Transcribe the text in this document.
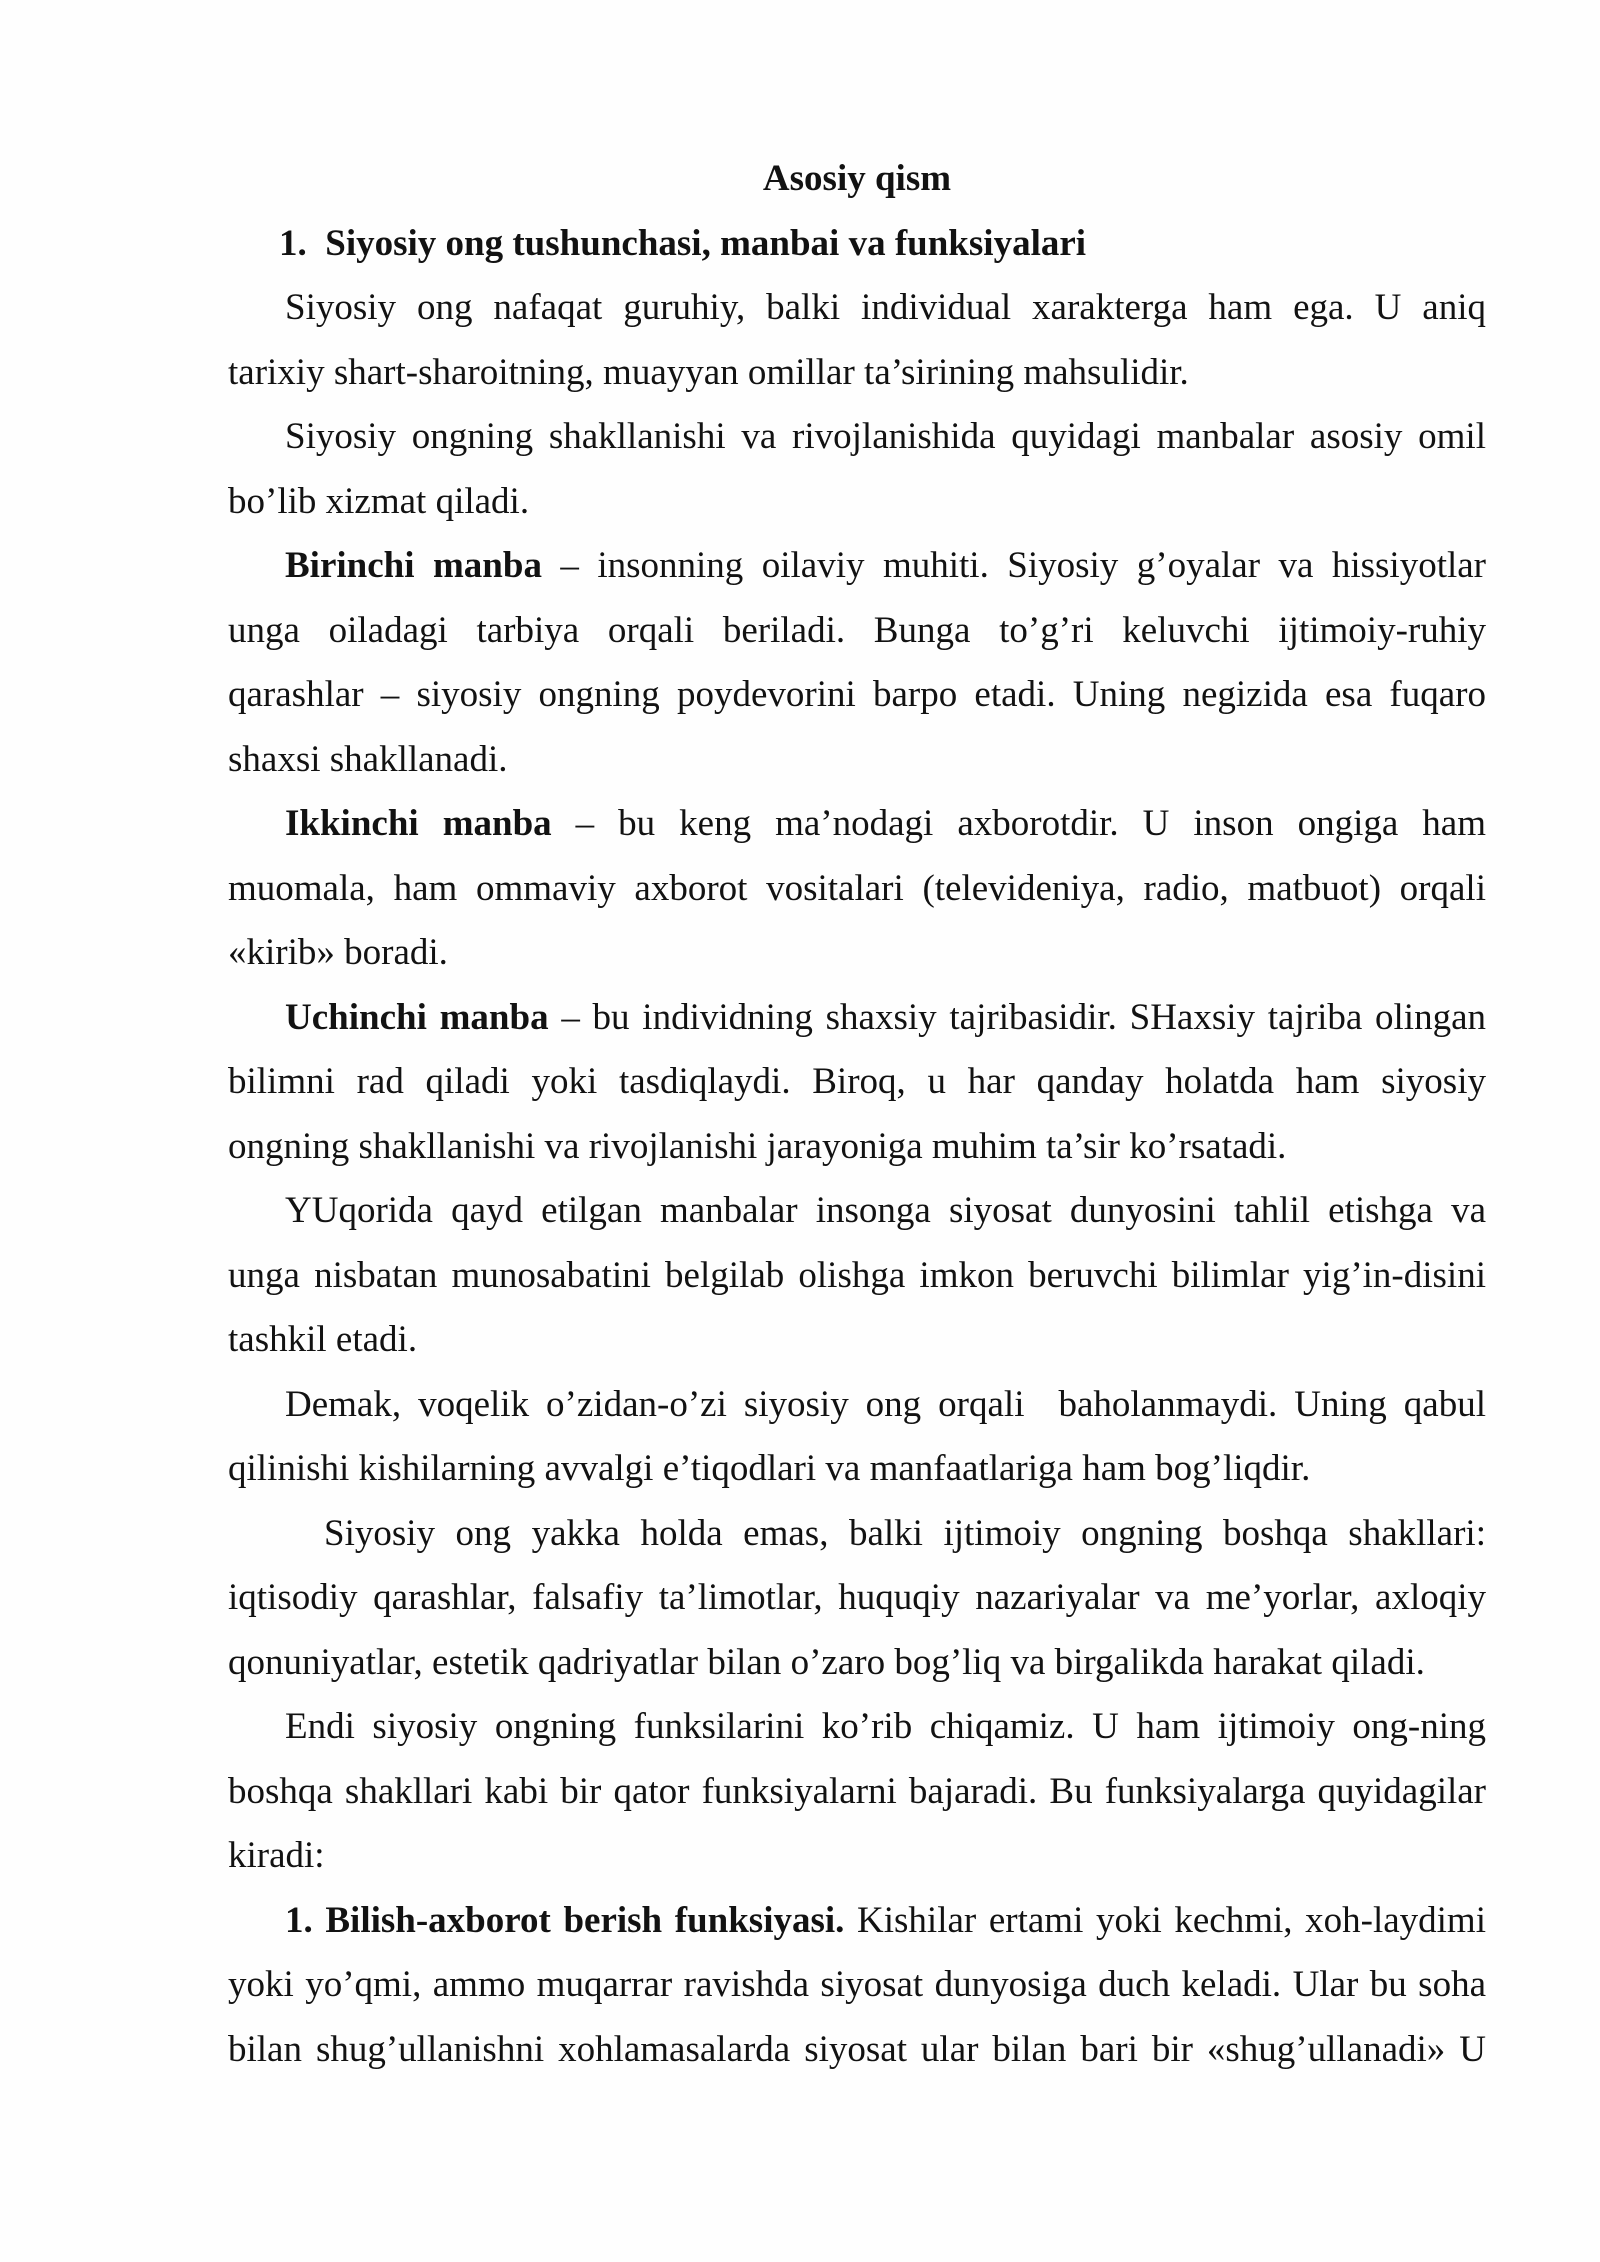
Asosiy qism
1.  Siyosiy ong tushunchasi, manbai va funksiyalari
Siyosiy ong nafaqat guruhiy, balki individual xarakterga ham ega. U aniq
tarixiy shart-sharoitning, muayyan omillar ta’sirining mahsulidir.
Siyosiy ongning shakllanishi va rivojlanishida quyidagi manbalar asosiy omil
bo’lib xizmat qiladi.
Birinchi manba – insonning oilaviy muhiti. Siyosiy g’oyalar va hissiyotlar
unga oiladagi tarbiya orqali beriladi. Bunga to’g’ri keluvchi ijtimoiy-ruhiy
qarashlar – siyosiy ongning poydevorini barpo etadi. Uning negizida esa fuqaro
shaxsi shakllanadi.
Ikkinchi manba – bu keng ma’nodagi axborotdir. U inson ongiga ham
muomala, ham ommaviy axborot vositalari (televideniya, radio, matbuot) orqali
«kirib» boradi.
Uchinchi manba – bu individning shaxsiy tajribasidir. SHaxsiy tajriba olingan
bilimni rad qiladi yoki tasdiqlaydi. Biroq, u har qanday holatda ham siyosiy
ongning shakllanishi va rivojlanishi jarayoniga muhim ta’sir ko’rsatadi.
YUqorida qayd etilgan manbalar insonga siyosat dunyosini tahlil etishga va
unga nisbatan munosabatini belgilab olishga imkon beruvchi bilimlar yig’in-disini
tashkil etadi.
Demak, voqelik o’zidan-o’zi siyosiy ong orqali  baholanmaydi. Uning qabul
qilinishi kishilarning avvalgi e’tiqodlari va manfaatlariga ham bog’liqdir.
Siyosiy ong yakka holda emas, balki ijtimoiy ongning boshqa shakllari:
iqtisodiy qarashlar, falsafiy ta’limotlar, huquqiy nazariyalar va me’yorlar, axloqiy
qonuniyatlar, estetik qadriyatlar bilan o’zaro bog’liq va birgalikda harakat qiladi.
Endi siyosiy ongning funksilarini ko’rib chiqamiz. U ham ijtimoiy ong-ning
boshqa shakllari kabi bir qator funksiyalarni bajaradi. Bu funksiyalarga quyidagilar
kiradi:
1. Bilish-axborot berish funksiyasi. Kishilar ertami yoki kechmi, xoh-laydimi
yoki yo’qmi, ammo muqarrar ravishda siyosat dunyosiga duch keladi. Ular bu soha
bilan shug’ullanishni xohlamasalarda siyosat ular bilan bari bir «shug’ullanadi» U
